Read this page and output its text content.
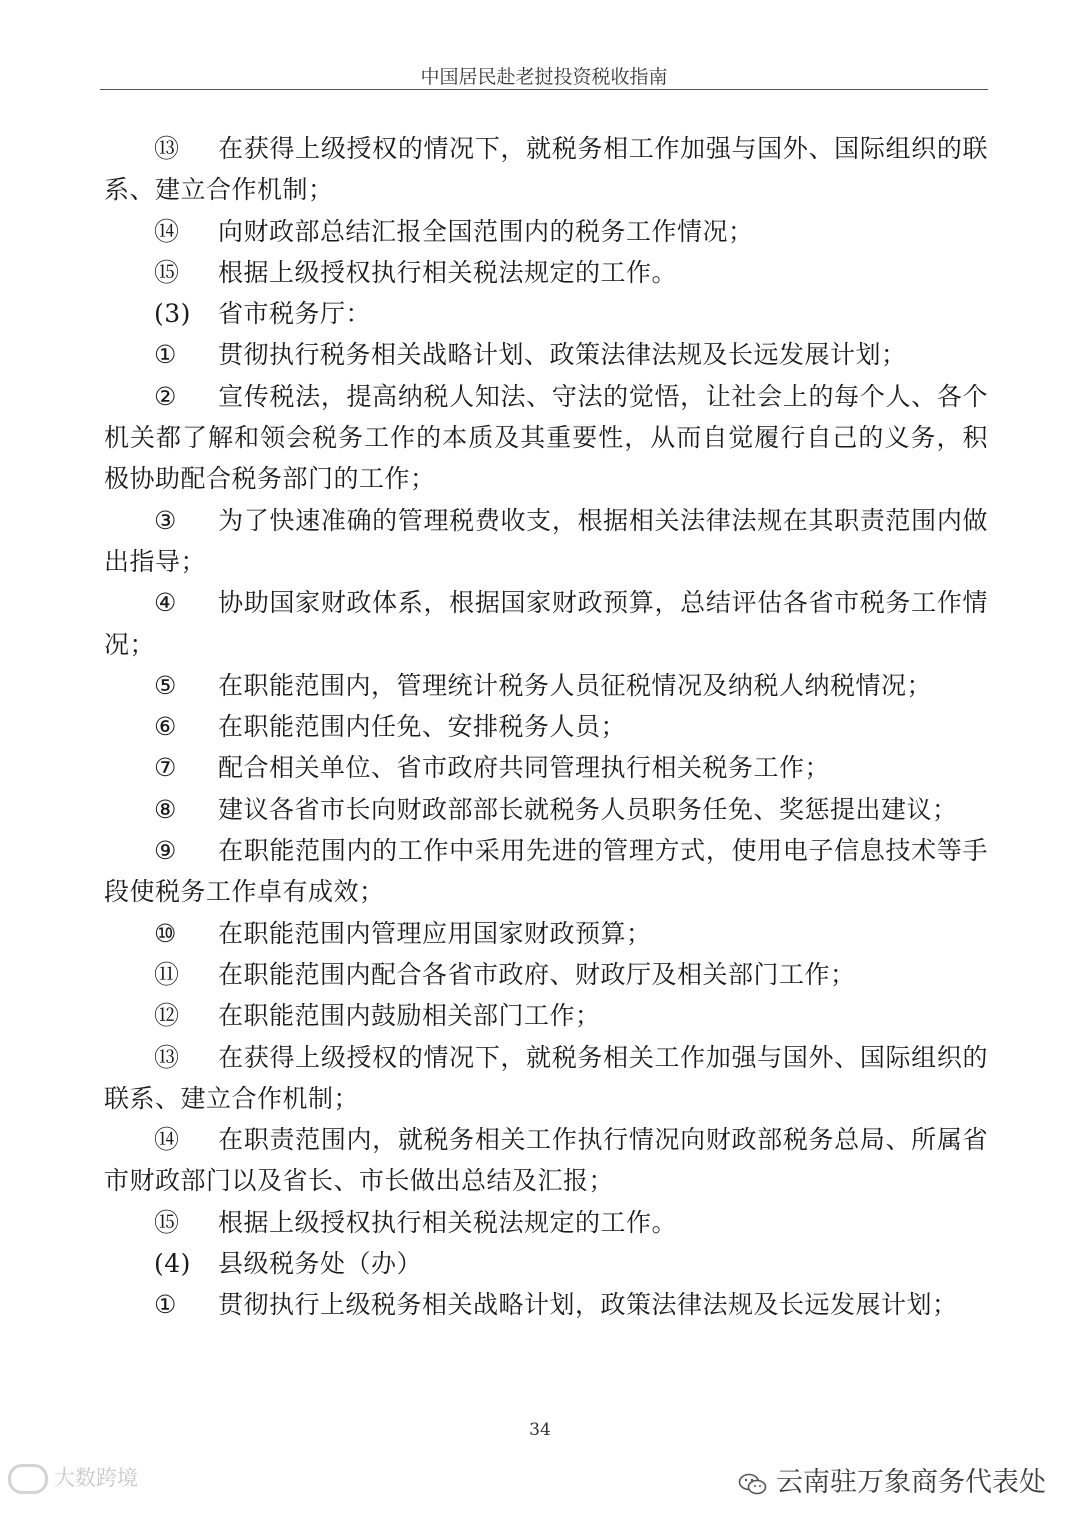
中国居民赴老挝投资税收指南
⑬ 在获得上级授权的情况下，就税务相工作加强与国外、国际组织的联系、建立合作机制；
⑭ 向财政部总结汇报全国范围内的税务工作情况；
⑮ 根据上级授权执行相关税法规定的工作。
(3) 省市税务厅：
① 贯彻执行税务相关战略计划、政策法律法规及长远发展计划；
② 宣传税法，提高纳税人知法、守法的觉悟，让社会上的每个人、各个机关都了解和领会税务工作的本质及其重要性，从而自觉履行自己的义务，积极协助配合税务部门的工作；
③ 为了快速准确的管理税费收支，根据相关法律法规在其职责范围内做出指导；
④ 协助国家财政体系，根据国家财政预算，总结评估各省市税务工作情况；
⑤ 在职能范围内，管理统计税务人员征税情况及纳税人纳税情况；
⑥ 在职能范围内任免、安排税务人员；
⑦ 配合相关单位、省市政府共同管理执行相关税务工作；
⑧ 建议各省市长向财政部部长就税务人员职务任免、奖惩提出建议；
⑨ 在职能范围内的工作中采用先进的管理方式，使用电子信息技术等手段使税务工作卓有成效；
⑩ 在职能范围内管理应用国家财政预算；
⑪ 在职能范围内配合各省市政府、财政厅及相关部门工作；
⑫ 在职能范围内鼓励相关部门工作；
⑬ 在获得上级授权的情况下，就税务相关工作加强与国外、国际组织的联系、建立合作机制；
⑭ 在职责范围内，就税务相关工作执行情况向财政部税务总局、所属省市财政部门以及省长、市长做出总结及汇报；
⑮ 根据上级授权执行相关税法规定的工作。
(4) 县级税务处（办）
① 贯彻执行上级税务相关战略计划，政策法律法规及长远发展计划；
34
大数跨境	云南驻万象商务代表处
